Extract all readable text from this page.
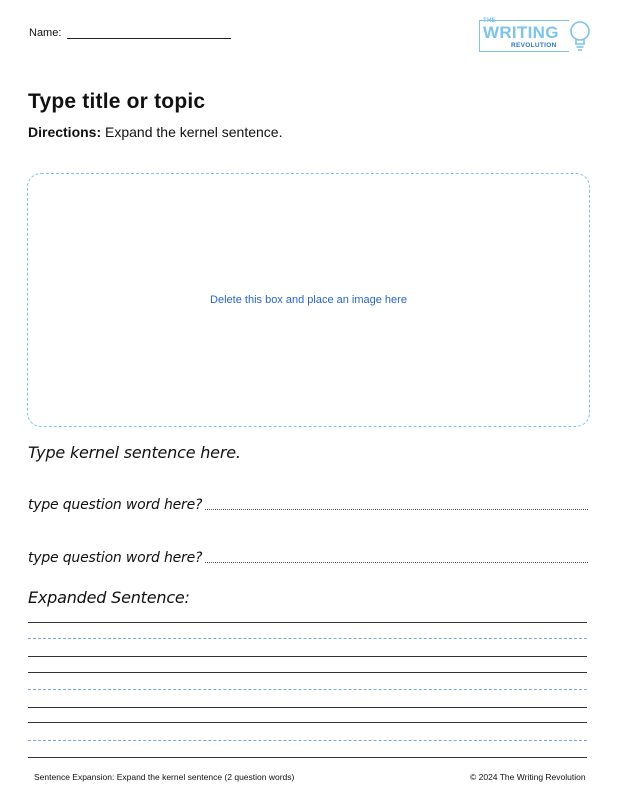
Name:
THE
WRITING
REVOLUTION
Type title or topic
Directions: Expand the kernel sentence.
Delete this box and place an image here
Type kernel sentence here.
type question word here?
type question word here?
Expanded Sentence:
Sentence Expansion: Expand the kernel sentence (2 question words)	© 2024 The Writing Revolution
